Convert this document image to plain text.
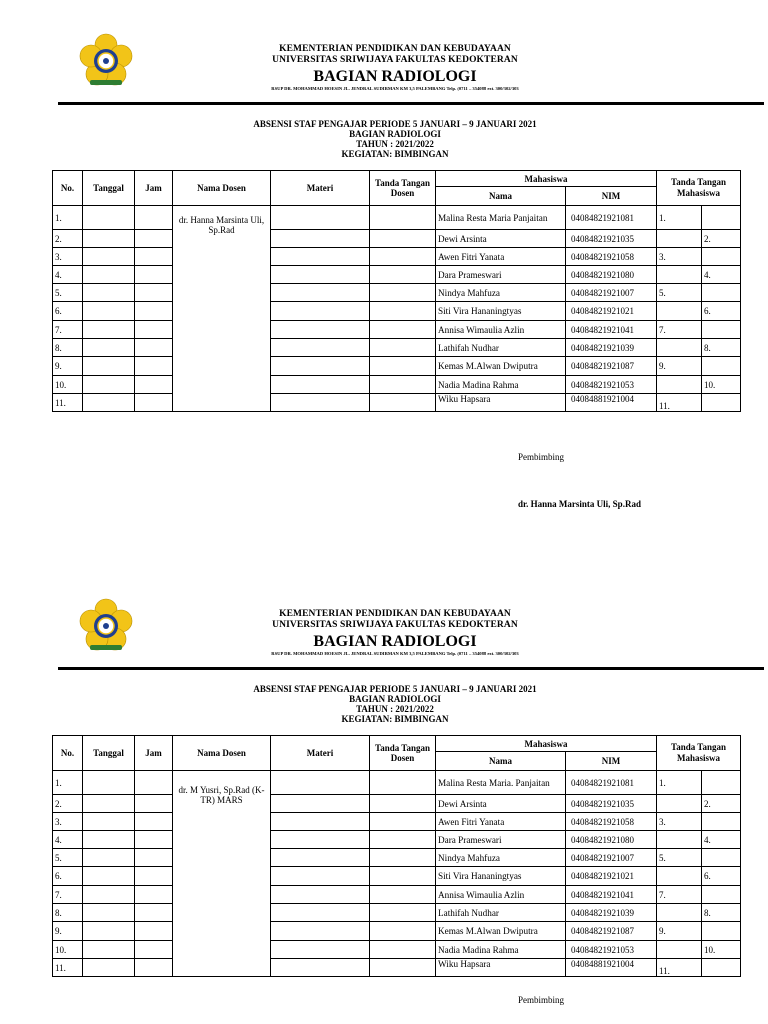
KEMENTERIAN PENDIDIKAN DAN KEBUDAYAAN
UNIVERSITAS SRIWIJAYA FAKULTAS KEDOKTERAN
BAGIAN RADIOLOGI
RSUP DR. MOHAMMAD HOESIN JL. JENDRAL SUDIRMAN KM 3,5 PALEMBANG Telp. (0711 – 354088 ext. 300/302/303
ABSENSI STAF PENGAJAR PERIODE 5 JANUARI – 9 JANUARI 2021
BAGIAN RADIOLOGI
TAHUN : 2021/2022
KEGIATAN: BIMBINGAN
No.	Tanggal	Jam	Nama Dosen	Materi	Tanda Tangan Dosen	Mahasiswa		Tanda Tangan Mahasiswa	
						Nama	NIM		
1.			dr. Hanna Marsinta Uli, Sp.Rad			Malina Resta Maria Panjaitan	04084821921081	1.	
2.						Dewi Arsinta	04084821921035		2.
3.						Awen Fitri Yanata	04084821921058	3.	
4.						Dara Prameswari	04084821921080		4.
5.						Nindya Mahfuza	04084821921007	5.	
6.						Siti Vira Hananingtyas	04084821921021		6.
7.						Annisa Wimaulia Azlin	04084821921041	7.	
8.						Lathifah Nudhar	04084821921039		8.
9.						Kemas M.Alwan Dwiputra	04084821921087	9.	
10.						Nadia Madina Rahma	04084821921053		10.
11.						Wiku Hapsara	04084881921004	11.	
Pembimbing
dr. Hanna Marsinta Uli, Sp.Rad
KEMENTERIAN PENDIDIKAN DAN KEBUDAYAAN
UNIVERSITAS SRIWIJAYA FAKULTAS KEDOKTERAN
BAGIAN RADIOLOGI
RSUP DR. MOHAMMAD HOESIN JL. JENDRAL SUDIRMAN KM 3,5 PALEMBANG Telp. (0711 – 354088 ext. 300/302/303
ABSENSI STAF PENGAJAR PERIODE 5 JANUARI – 9 JANUARI 2021
BAGIAN RADIOLOGI
TAHUN : 2021/2022
KEGIATAN: BIMBINGAN
No.	Tanggal	Jam	Nama Dosen	Materi	Tanda Tangan Dosen	Mahasiswa		Tanda Tangan Mahasiswa	
						Nama	NIM		
1.			dr. M Yusri, Sp.Rad (K-TR) MARS			Malina Resta Maria. Panjaitan	04084821921081	1.	
2.						Dewi Arsinta	04084821921035		2.
3.						Awen Fitri Yanata	04084821921058	3.	
4.						Dara Prameswari	04084821921080		4.
5.						Nindya Mahfuza	04084821921007	5.	
6.						Siti Vira Hananingtyas	04084821921021		6.
7.						Annisa Wimaulia Azlin	04084821921041	7.	
8.						Lathifah Nudhar	04084821921039		8.
9.						Kemas M.Alwan Dwiputra	04084821921087	9.	
10.						Nadia Madina Rahma	04084821921053		10.
11.						Wiku Hapsara	04084881921004	11.	
Pembimbing
